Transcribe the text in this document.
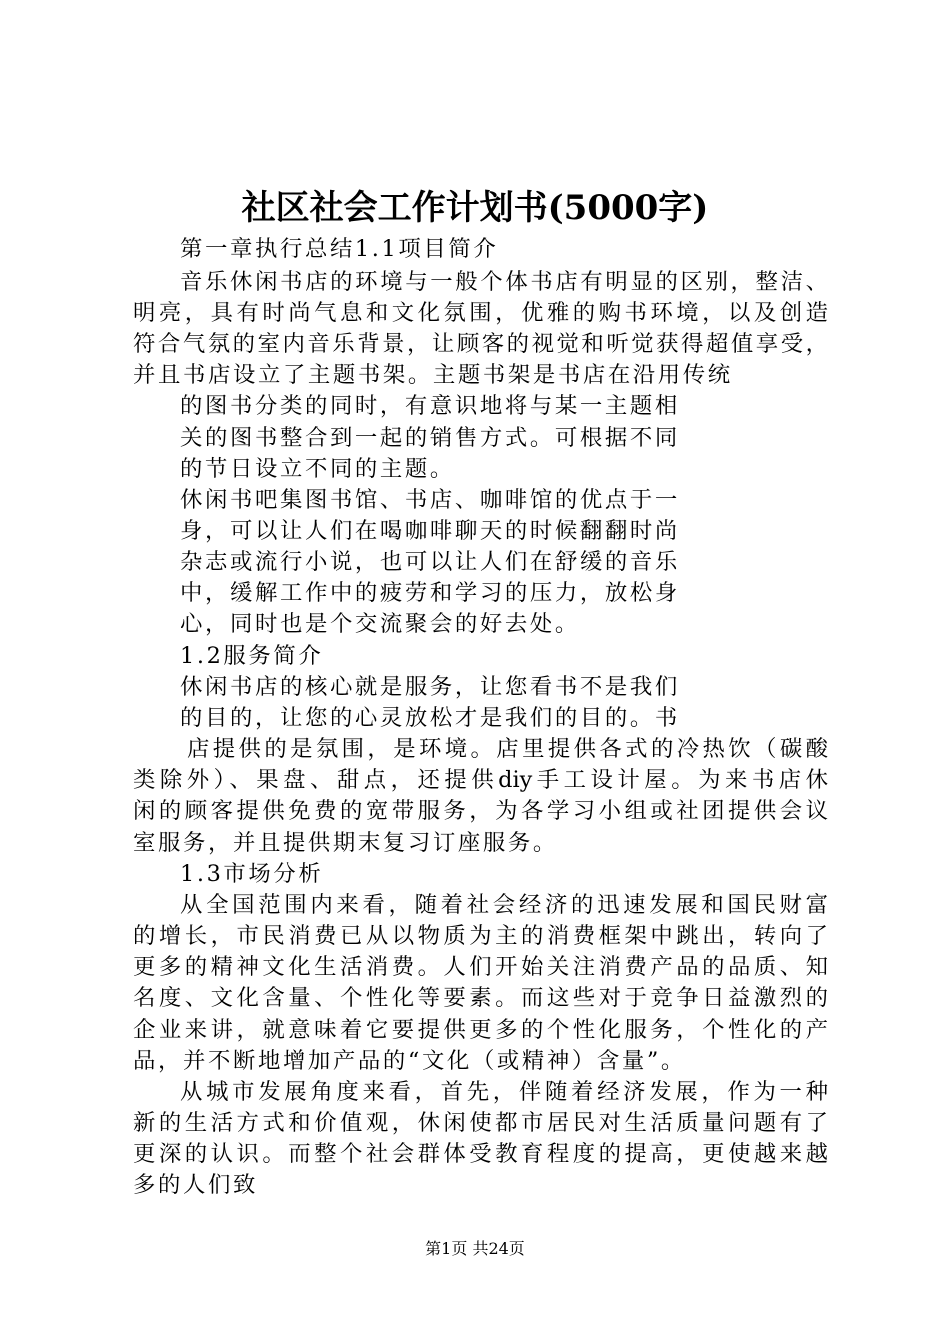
社区社会工作计划书(5000字)
第一章执行总结1.1项目简介
音乐休闲书店的环境与一般个体书店有明显的区别，整洁、
明亮，具有时尚气息和文化氛围，优雅的购书环境，以及创造
符合气氛的室内音乐背景，让顾客的视觉和听觉获得超值享受，
并且书店设立了主题书架。主题书架是书店在沿用传统
的图书分类的同时，有意识地将与某一主题相
关的图书整合到一起的销售方式。可根据不同
的节日设立不同的主题。
休闲书吧集图书馆、书店、咖啡馆的优点于一
身，可以让人们在喝咖啡聊天的时候翻翻时尚
杂志或流行小说，也可以让人们在舒缓的音乐
中，缓解工作中的疲劳和学习的压力，放松身
心，同时也是个交流聚会的好去处。
1.2服务简介
休闲书店的核心就是服务，让您看书不是我们
的目的，让您的心灵放松才是我们的目的。书
店提供的是氛围，是环境。店里提供各式的冷热饮（碳酸
类除外）、果盘、甜点，还提供diy手工设计屋。为来书店休
闲的顾客提供免费的宽带服务，为各学习小组或社团提供会议
室服务，并且提供期末复习订座服务。
1.3市场分析
从全国范围内来看，随着社会经济的迅速发展和国民财富
的增长，市民消费已从以物质为主的消费框架中跳出，转向了
更多的精神文化生活消费。人们开始关注消费产品的品质、知
名度、文化含量、个性化等要素。而这些对于竞争日益激烈的
企业来讲，就意味着它要提供更多的个性化服务，个性化的产
品，并不断地增加产品的“文化（或精神）含量”。
从城市发展角度来看，首先，伴随着经济发展，作为一种
新的生活方式和价值观，休闲使都市居民对生活质量问题有了
更深的认识。而整个社会群体受教育程度的提高，更使越来越
多的人们致
第1页 共24页
